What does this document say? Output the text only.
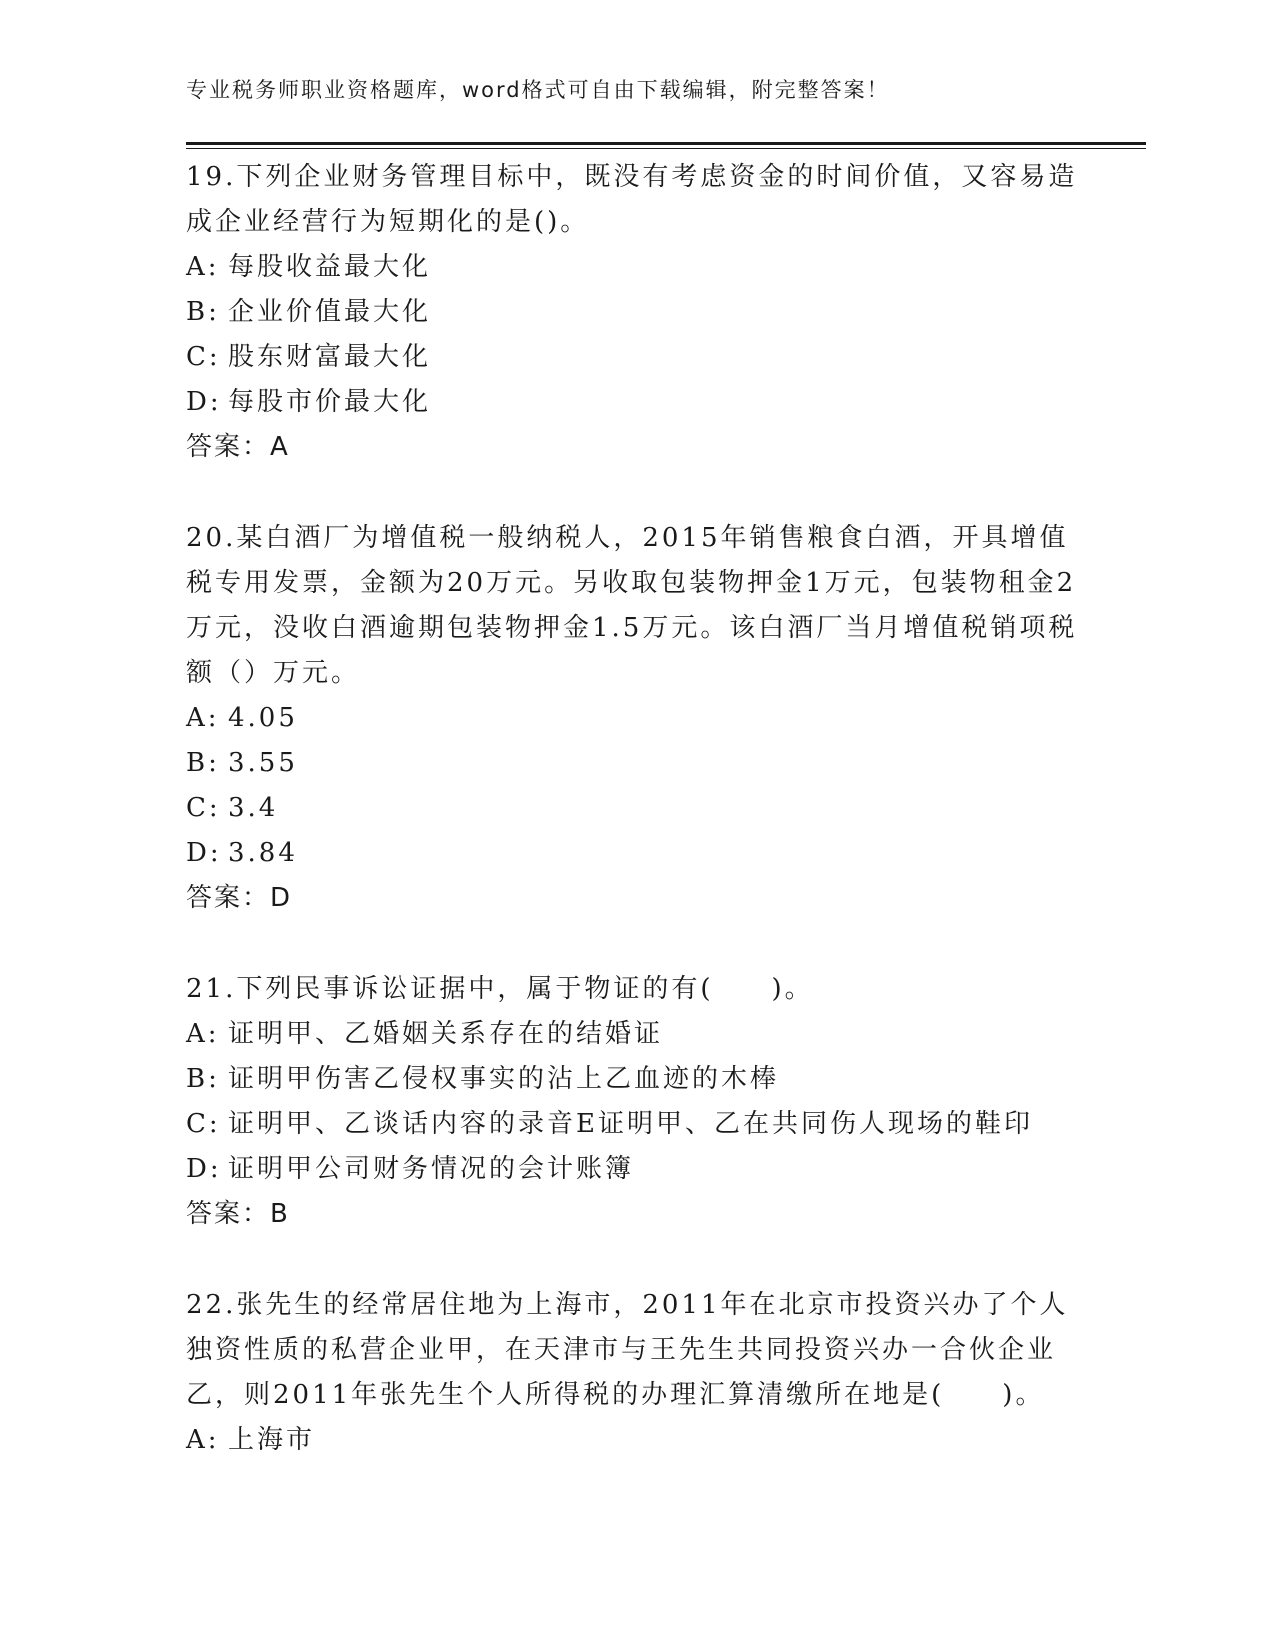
专业税务师职业资格题库，word格式可自由下载编辑，附完整答案！

19.下列企业财务管理目标中，既没有考虑资金的时间价值，又容易造成企业经营行为短期化的是()。

A: 每股收益最大化

B: 企业价值最大化

C: 股东财富最大化

D: 每股市价最大化

答案：A

20.某白酒厂为增值税一般纳税人，2015年销售粮食白酒，开具增值税专用发票，金额为20万元。另收取包装物押金1万元，包装物租金2万元，没收白酒逾期包装物押金1.5万元。该白酒厂当月增值税销项税额（）万元。

A: 4.05

B: 3.55

C: 3.4

D: 3.84

答案：D

21.下列民事诉讼证据中，属于物证的有(　　)。

A: 证明甲、乙婚姻关系存在的结婚证

B: 证明甲伤害乙侵权事实的沾上乙血迹的木棒

C: 证明甲、乙谈话内容的录音E证明甲、乙在共同伤人现场的鞋印

D: 证明甲公司财务情况的会计账簿

答案：B

22.张先生的经常居住地为上海市，2011年在北京市投资兴办了个人独资性质的私营企业甲，在天津市与王先生共同投资兴办一合伙企业乙，则2011年张先生个人所得税的办理汇算清缴所在地是(　　)。

A: 上海市
